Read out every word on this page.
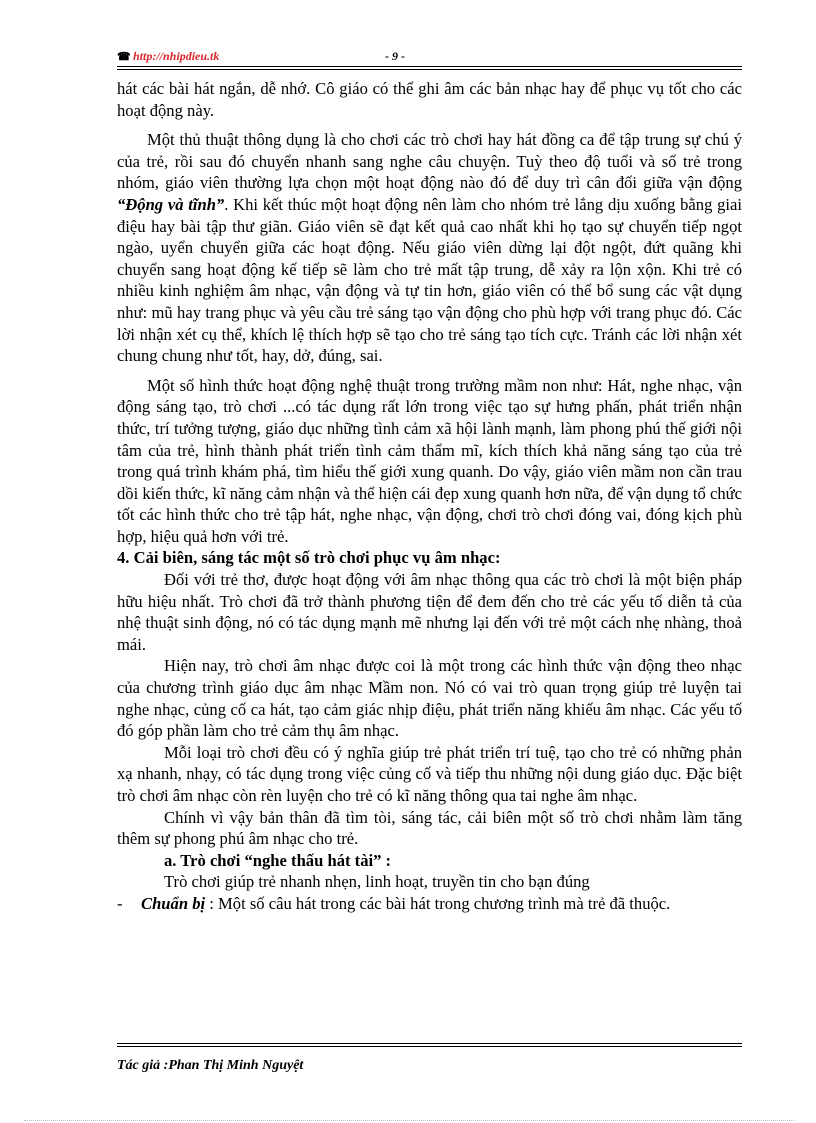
☎ http://nhipdieu.tk	- 9 -

hát các bài hát ngắn, dễ nhớ. Cô giáo có thể ghi âm các bản nhạc hay để phục vụ tốt cho các hoạt động này.

Một thủ thuật thông dụng là cho chơi các trò chơi hay hát đồng ca để tập trung sự chú ý của trẻ, rồi sau đó chuyển nhanh sang nghe câu chuyện. Tuỳ theo độ tuổi và số trẻ trong nhóm, giáo viên thường lựa chọn một hoạt động nào đó để duy trì cân đối giữa vận động “Động và tĩnh”. Khi kết thúc một hoạt động nên làm cho nhóm trẻ lắng dịu xuống bằng giai điệu hay bài tập thư giãn. Giáo viên sẽ đạt kết quả cao nhất khi họ tạo sự chuyển tiếp ngọt ngào, uyển chuyển giữa các hoạt động. Nếu giáo viên dừng lại đột ngột, đứt quãng khi chuyển sang hoạt động kế tiếp sẽ làm cho trẻ mất tập trung, dễ xảy ra lộn xộn. Khi trẻ có nhiều kinh nghiệm âm nhạc, vận động và tự tin hơn, giáo viên có thể bổ sung các vật dụng như: mũ hay trang phục và yêu cầu trẻ sáng tạo vận động cho phù hợp với trang phục đó. Các lời nhận xét cụ thể, khích lệ thích hợp sẽ tạo cho trẻ sáng tạo tích cực. Tránh các lời nhận xét chung chung như tốt, hay, dở, đúng, sai.

Một số hình thức hoạt động nghệ thuật trong trường mầm non như: Hát, nghe nhạc, vận động sáng tạo, trò chơi ...có tác dụng rất lớn trong việc tạo sự hưng phấn, phát triển nhận thức, trí tưởng tượng, giáo dục những tình cảm xã hội lành mạnh, làm phong phú thế giới nội tâm của trẻ, hình thành phát triển tình cảm thẩm mĩ, kích thích khả năng sáng tạo của trẻ trong quá trình khám phá, tìm hiểu thế giới xung quanh. Do vậy, giáo viên mầm non cần trau dồi kiến thức, kĩ năng cảm nhận và thể hiện cái đẹp xung quanh hơn nữa, để vận dụng tổ chức tốt các hình thức cho trẻ tập hát, nghe nhạc, vận động, chơi trò chơi đóng vai, đóng kịch phù hợp, hiệu quả hơn với trẻ.

4. Cải biên, sáng tác một số trò chơi phục vụ âm nhạc:

Đối với trẻ thơ, được hoạt động với âm nhạc thông qua các trò chơi là một biện pháp hữu hiệu nhất. Trò chơi đã trở thành phương tiện để đem đến cho trẻ các yếu tố diễn tả của nhệ thuật sinh động, nó có tác dụng mạnh mẽ nhưng lại đến với trẻ một cách nhẹ nhàng, thoả mái.

Hiện nay, trò chơi âm nhạc được coi là một trong các hình thức vận động theo nhạc của chương trình giáo dục âm nhạc Mầm non. Nó có vai trò quan trọng giúp trẻ luyện tai nghe nhạc, củng cố ca hát, tạo cảm giác nhịp điệu, phát triển năng khiếu âm nhạc. Các yếu tố đó góp phần làm cho trẻ cảm thụ âm nhạc.

Mỗi loại trò chơi đều có ý nghĩa giúp trẻ phát triển trí tuệ, tạo cho trẻ có những phản xạ nhanh, nhạy, có tác dụng trong việc củng cố và tiếp thu những nội dung giáo dục. Đặc biệt trò chơi âm nhạc còn rèn luyện cho trẻ có kĩ năng thông qua tai nghe âm nhạc.

Chính vì vậy bản thân đã tìm tòi, sáng tác, cải biên một số trò chơi nhằm làm tăng thêm sự phong phú âm nhạc cho trẻ.

a. Trò chơi “nghe thấu hát tài” :

Trò chơi giúp trẻ nhanh nhẹn, linh hoạt, truyền tin cho bạn đúng

- Chuẩn bị : Một số câu hát trong các bài hát trong chương trình mà trẻ đã thuộc.

Tác giả :Phan Thị Minh Nguyệt
